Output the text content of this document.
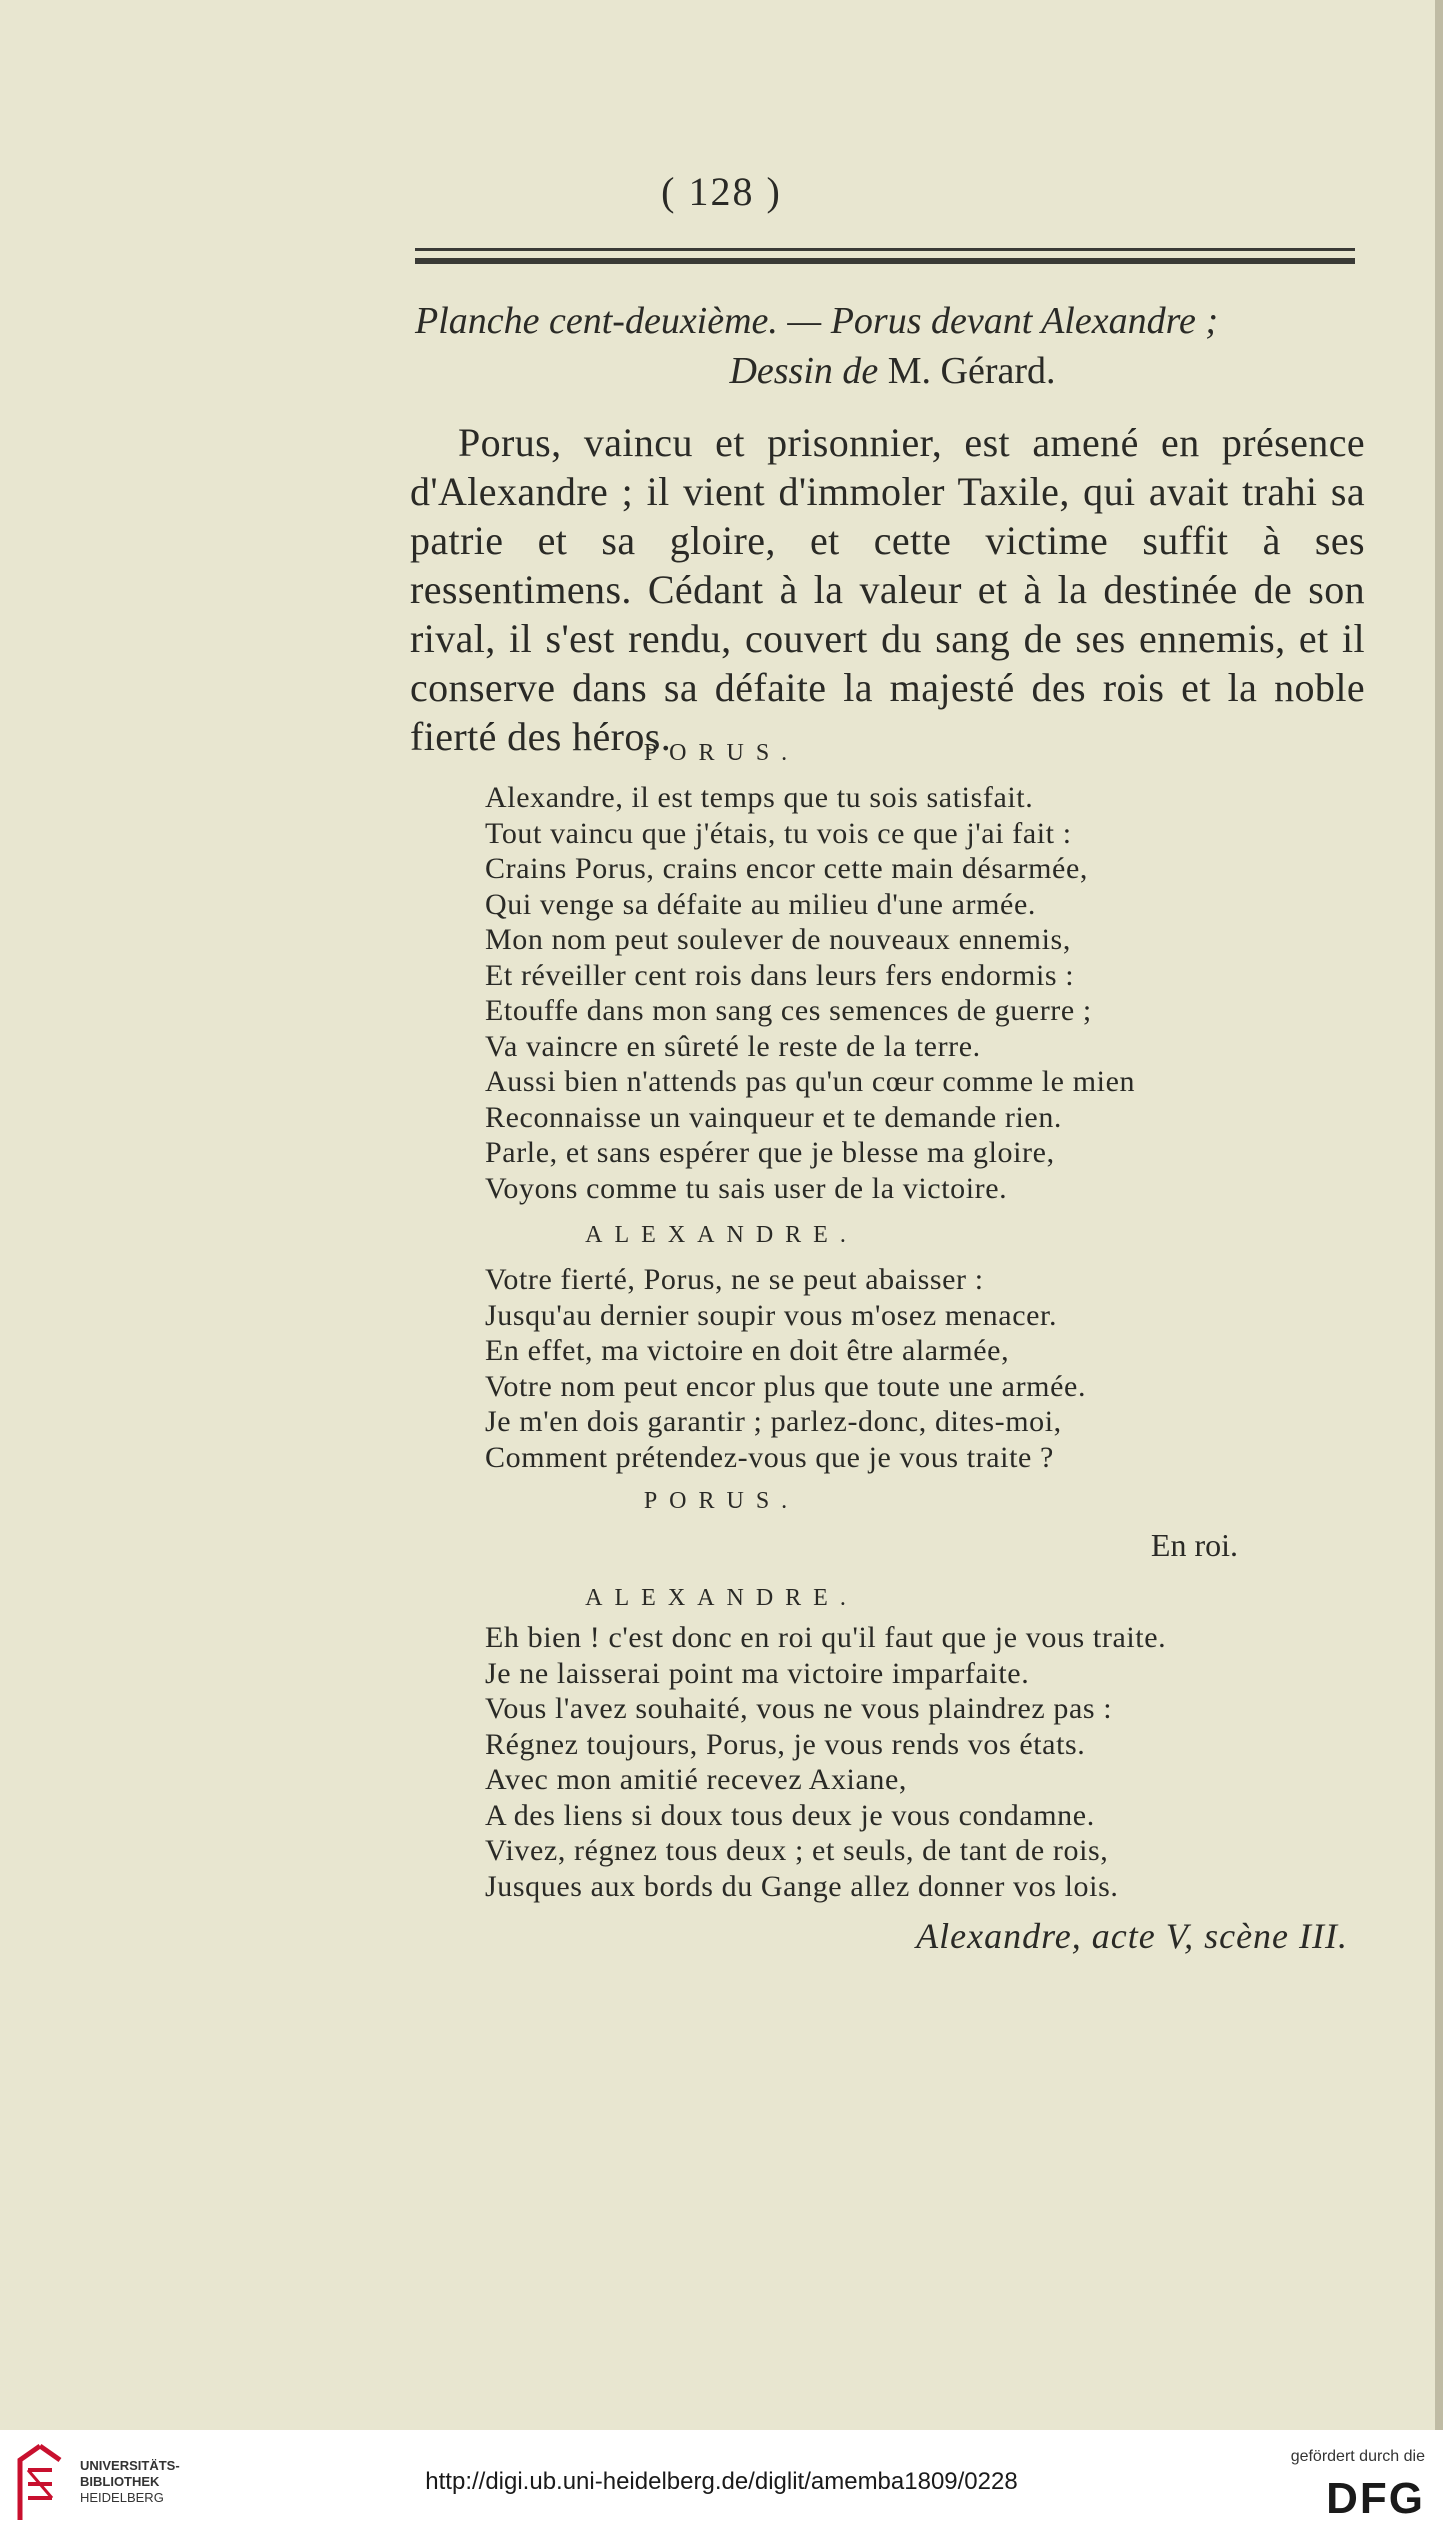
( 128 )
Planche cent-deuxième. — Porus devant Alexandre ;
Dessin de M. Gérard.
Porus, vaincu et prisonnier, est amené en présence d'Alexandre ; il vient d'immoler Taxile, qui avait trahi sa patrie et sa gloire, et cette victime suffit à ses ressentimens. Cédant à la valeur et à la destinée de son rival, il s'est rendu, couvert du sang de ses ennemis, et il conserve dans sa défaite la majesté des rois et la noble fierté des héros.
PORUS.
Alexandre, il est temps que tu sois satisfait.
Tout vaincu que j'étais, tu vois ce que j'ai fait :
Crains Porus, crains encor cette main désarmée,
Qui venge sa défaite au milieu d'une armée.
Mon nom peut soulever de nouveaux ennemis,
Et réveiller cent rois dans leurs fers endormis :
Etouffe dans mon sang ces semences de guerre ;
Va vaincre en sûreté le reste de la terre.
Aussi bien n'attends pas qu'un cœur comme le mien
Reconnaisse un vainqueur et te demande rien.
Parle, et sans espérer que je blesse ma gloire,
Voyons comme tu sais user de la victoire.
ALEXANDRE.
Votre fierté, Porus, ne se peut abaisser :
Jusqu'au dernier soupir vous m'osez menacer.
En effet, ma victoire en doit être alarmée,
Votre nom peut encor plus que toute une armée.
Je m'en dois garantir ; parlez-donc, dites-moi,
Comment prétendez-vous que je vous traite ?
PORUS.
En roi.
ALEXANDRE.
Eh bien ! c'est donc en roi qu'il faut que je vous traite.
Je ne laisserai point ma victoire imparfaite.
Vous l'avez souhaité, vous ne vous plaindrez pas :
Régnez toujours, Porus, je vous rends vos états.
Avec mon amitié recevez Axiane,
A des liens si doux tous deux je vous condamne.
Vivez, régnez tous deux ; et seuls, de tant de rois,
Jusques aux bords du Gange allez donner vos lois.
Alexandre, acte V, scène III.
UNIVERSITÄTS-
BIBLIOTHEK
HEIDELBERG
http://digi.ub.uni-heidelberg.de/diglit/amemba1809/0228
gefördert durch die
DFG
